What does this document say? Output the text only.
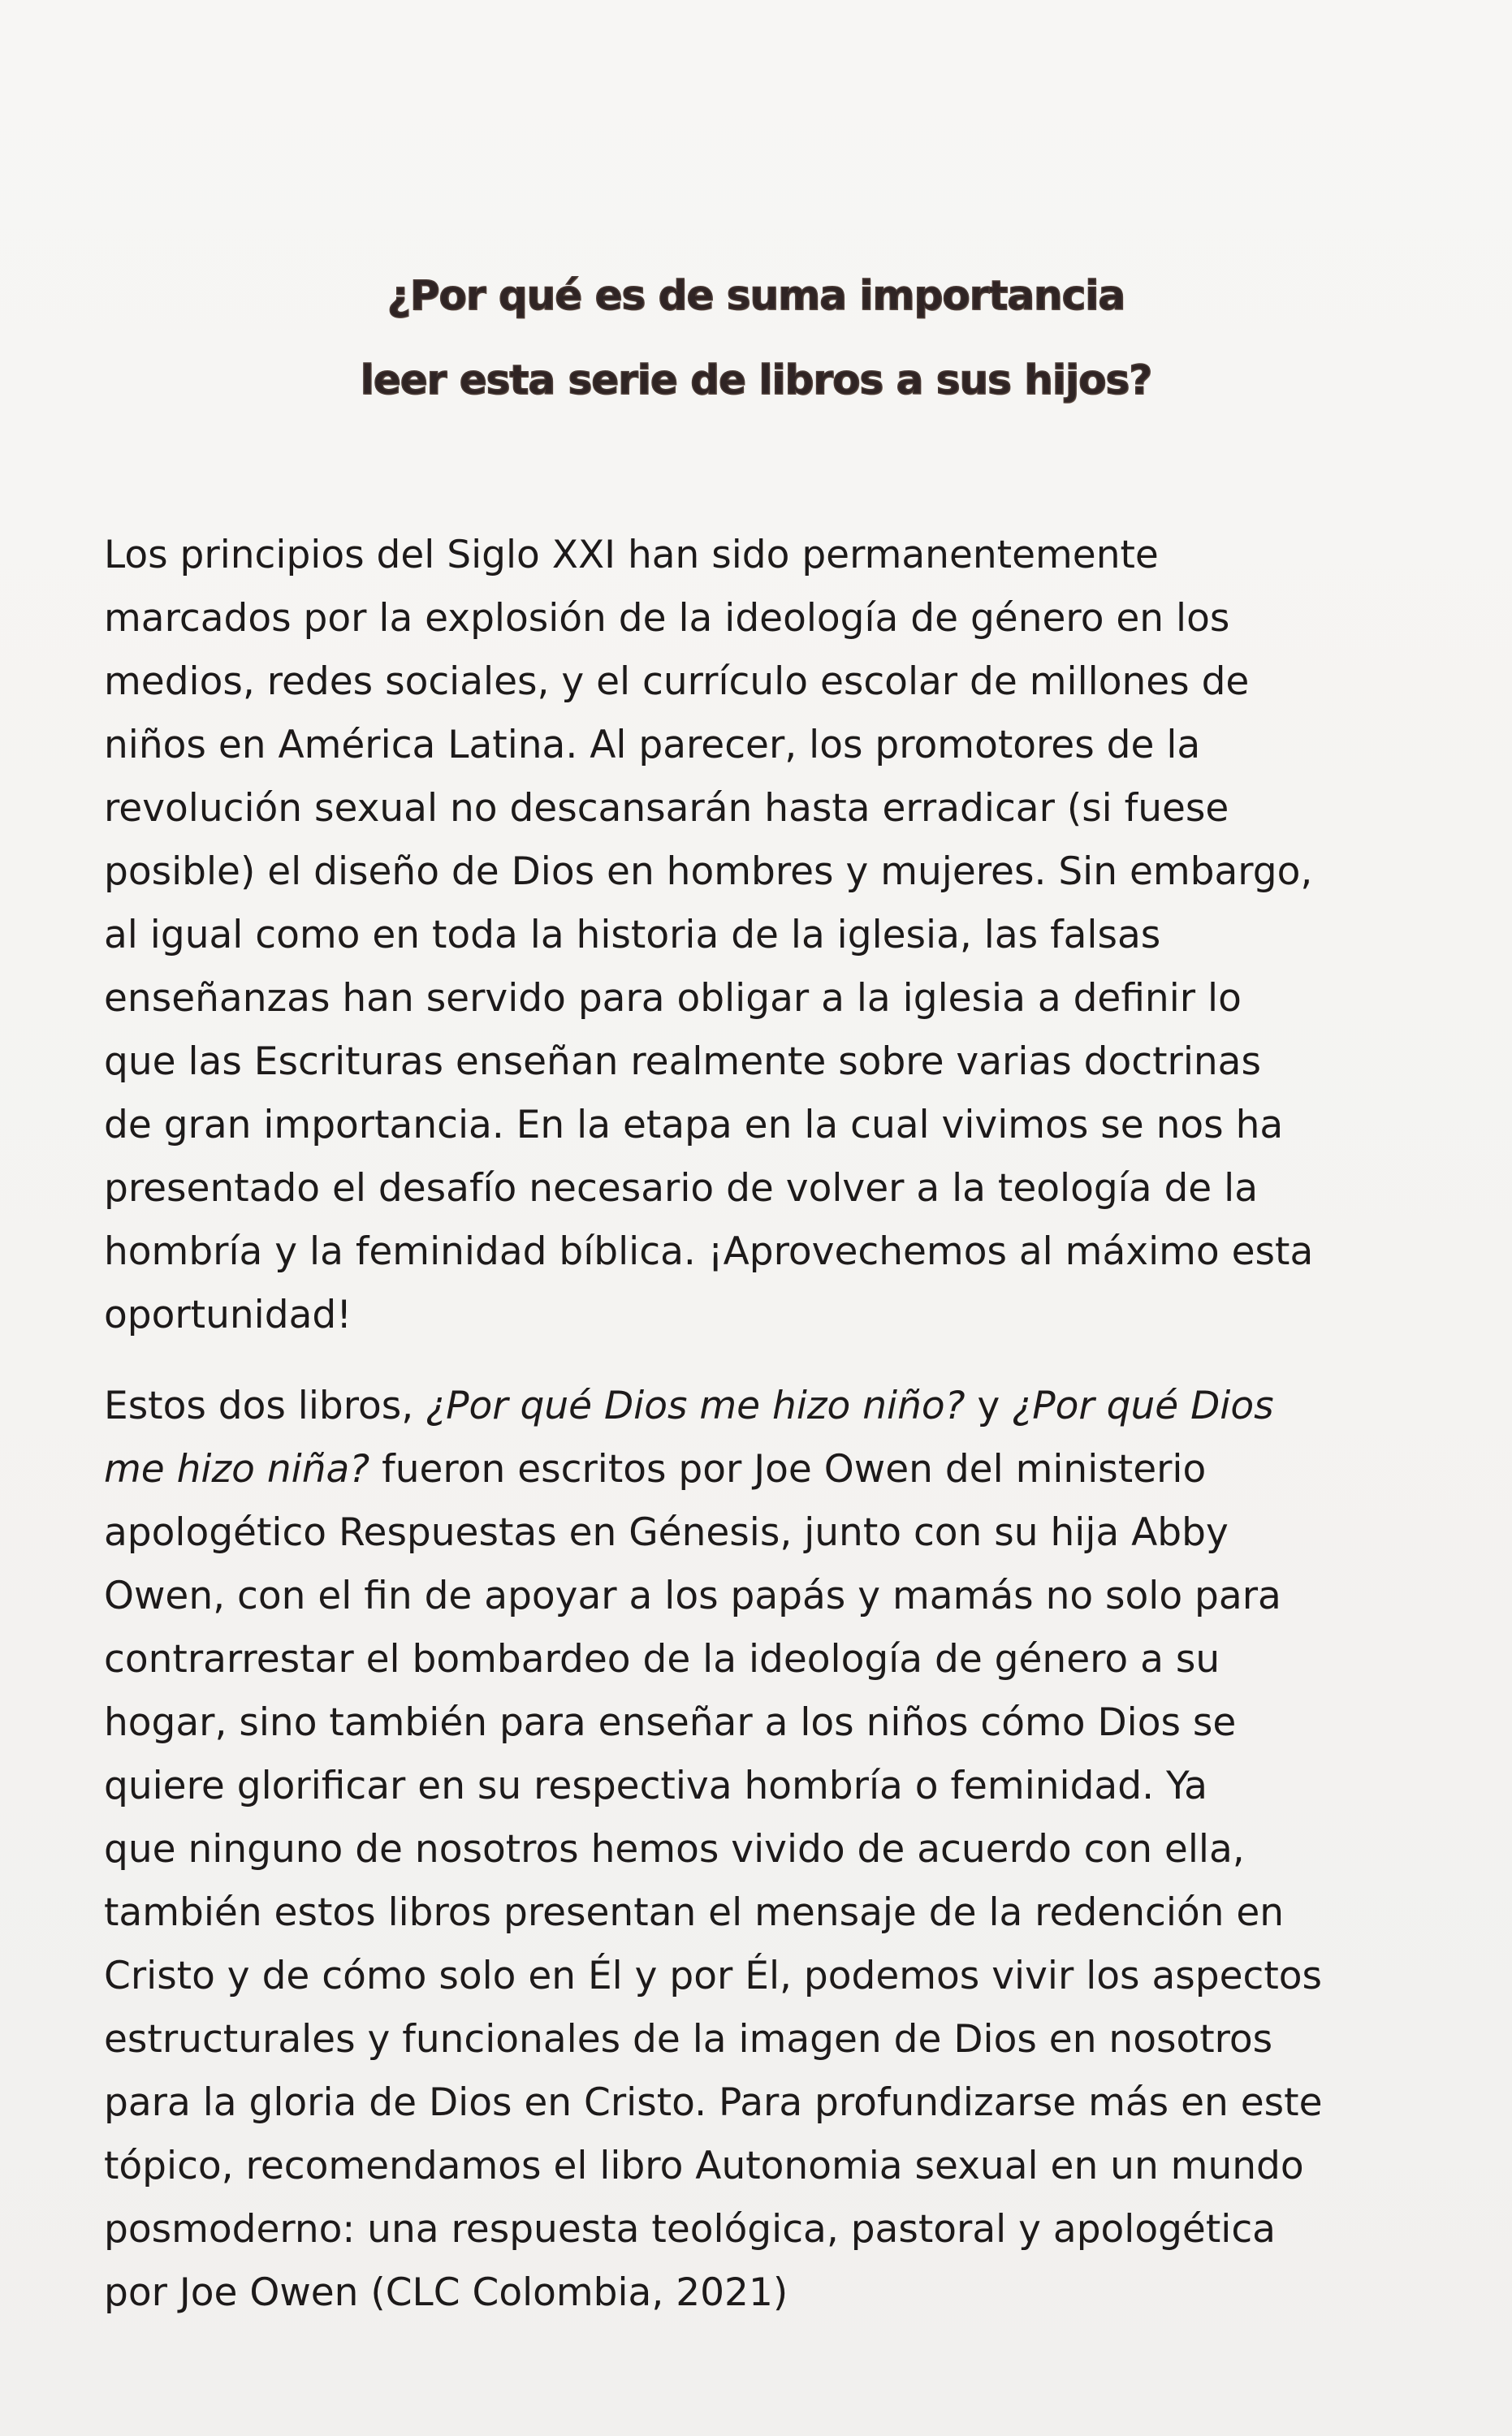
¿Por qué es de suma importancia
leer esta serie de libros a sus hijos?

Los principios del Siglo XXI han sido permanentemente
marcados por la explosión de la ideología de género en los
medios, redes sociales, y el currículo escolar de millones de
niños en América Latina. Al parecer, los promotores de la
revolución sexual no descansarán hasta erradicar (si fuese
posible) el diseño de Dios en hombres y mujeres. Sin embargo,
al igual como en toda la historia de la iglesia, las falsas
enseñanzas han servido para obligar a la iglesia a definir lo
que las Escrituras enseñan realmente sobre varias doctrinas
de gran importancia. En la etapa en la cual vivimos se nos ha
presentado el desafío necesario de volver a la teología de la
hombría y la feminidad bíblica. ¡Aprovechemos al máximo esta
oportunidad!

Estos dos libros, ¿Por qué Dios me hizo niño? y ¿Por qué Dios
me hizo niña? fueron escritos por Joe Owen del ministerio
apologético Respuestas en Génesis, junto con su hija Abby
Owen, con el fin de apoyar a los papás y mamás no solo para
contrarrestar el bombardeo de la ideología de género a su
hogar, sino también para enseñar a los niños cómo Dios se
quiere glorificar en su respectiva hombría o feminidad. Ya
que ninguno de nosotros hemos vivido de acuerdo con ella,
también estos libros presentan el mensaje de la redención en
Cristo y de cómo solo en Él y por Él, podemos vivir los aspectos
estructurales y funcionales de la imagen de Dios en nosotros
para la gloria de Dios en Cristo. Para profundizarse más en este
tópico, recomendamos el libro Autonomia sexual en un mundo
posmoderno: una respuesta teológica, pastoral y apologética
por Joe Owen (CLC Colombia, 2021)
